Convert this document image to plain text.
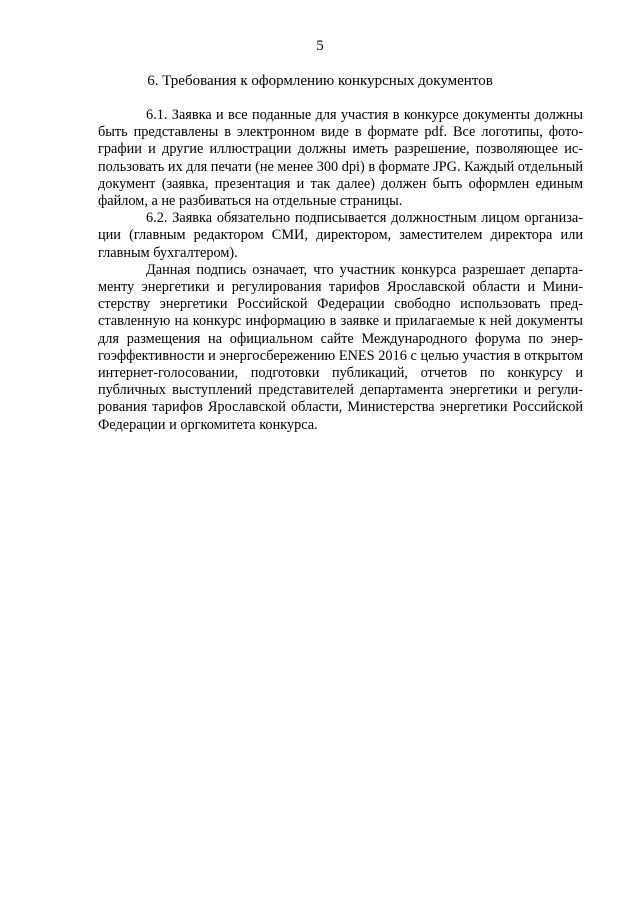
5
6. Требования к оформлению конкурсных документов

6.1. Заявка и все поданные для участия в конкурсе документы должны быть представлены в электронном виде в формате pdf. Все логотипы, фотографии и другие иллюстрации должны иметь разрешение, позволяющее использовать их для печати (не менее 300 dpi) в формате JPG. Каждый отдельный документ (заявка, презентация и так далее) должен быть оформлен единым файлом, а не разбиваться на отдельные страницы.

6.2. Заявка обязательно подписывается должностным лицом организации (главным редактором СМИ, директором, заместителем директора или главным бухгалтером).

Данная подпись означает, что участник конкурса разрешает департаменту энергетики и регулирования тарифов Ярославской области и Министерству энергетики Российской Федерации свободно использовать представленную на конкурс информацию в заявке и прилагаемые к ней документы для размещения на официальном сайте Международного форума по энергоэффективности и энергосбережению ENES 2016 с целью участия в открытом интернет-голосовании, подготовки публикаций, отчетов по конкурсу и публичных выступлений представителей департамента энергетики и регулирования тарифов Ярославской области, Министерства энергетики Российской Федерации и оргкомитета конкурса.
